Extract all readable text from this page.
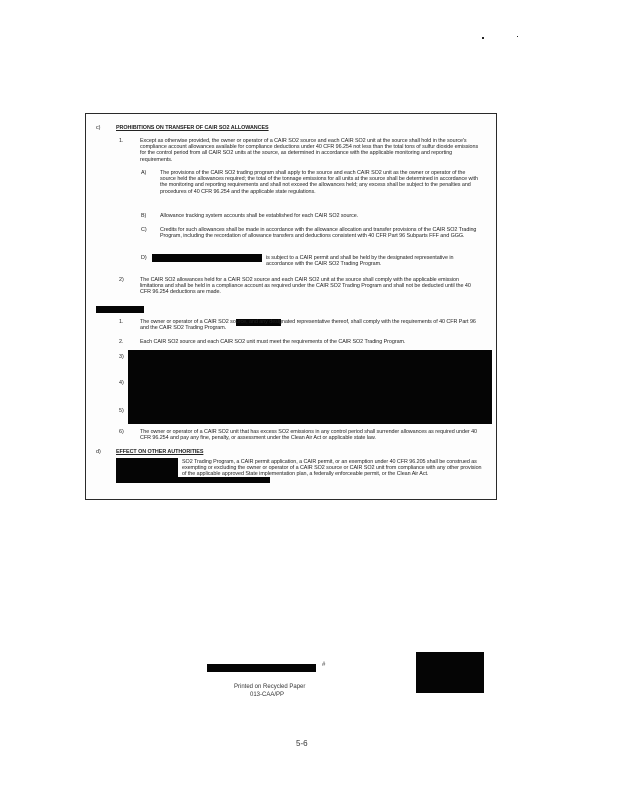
c)	PROHIBITIONS ON TRANSFER OF CAIR SO2 ALLOWANCES
1.	Except as otherwise provided, the owner or operator of a CAIR SO2 source and each CAIR SO2 unit at the source shall hold in the source's compliance account allowances available for compliance deductions under 40 CFR 96.254 not less than the total tons of sulfur dioxide emissions for the control period from all CAIR SO2 units at the source, as determined in accordance with the applicable monitoring and reporting requirements.
A)	The provisions of the CAIR SO2 trading program shall apply to the source and each CAIR SO2 unit as the owner or operator of the source held the allowances required; the total of the tonnage emissions for all units at the source shall be determined in accordance with the monitoring and reporting requirements and shall not exceed the allowances held; any excess shall be subject to the penalties and procedures of 40 CFR 96.254 and the applicable state regulations.
B)	Allowance tracking system accounts shall be established for each CAIR SO2 source.
C) Credits for such allowances shall be made in accordance with the allowance allocation and transfer provisions of the CAIR SO2 Trading Program, including the recordation of allowance transfers and deductions consistent with 40 CFR Part 96 Subparts FFF and GGG.
D)	is subject to a CAIR permit and shall be held by the designated representative in accordance with the CAIR SO2 Trading Program.
2)	The CAIR SO2 allowances held for a CAIR SO2 source and each CAIR SO2 unit at the source shall comply with the applicable emission limitations and shall be held in a compliance account as required under the CAIR SO2 Trading Program and shall not be deducted until the 40 CFR 96.254 deductions are made.
1.	The owner or operator of a CAIR SO2 source, and any designated representative thereof, shall comply with the requirements of 40 CFR Part 96 and the CAIR SO2 Trading Program.
2.	Each CAIR SO2 source and each CAIR SO2 unit must meet the requirements of the CAIR SO2 Trading Program.
3)
4)
5)
6)	The owner or operator of a CAIR SO2 unit that has excess SO2 emissions in any control period shall surrender allowances as required under 40 CFR 96.254 and pay any fine, penalty, or assessment under the Clean Air Act or applicable state law.
d)	EFFECT ON OTHER AUTHORITIES
SO2 Trading Program, a CAIR permit application, a CAIR permit, or an exemption under 40 CFR 96.205 shall be construed as exempting or excluding the owner or operator of a CAIR SO2 source or CAIR SO2 unit from compliance with any other provision of the applicable approved State implementation plan, a federally enforceable permit, or the Clean Air Act.
#
Printed on Recycled Paper
013-CAA/PP
5-6
